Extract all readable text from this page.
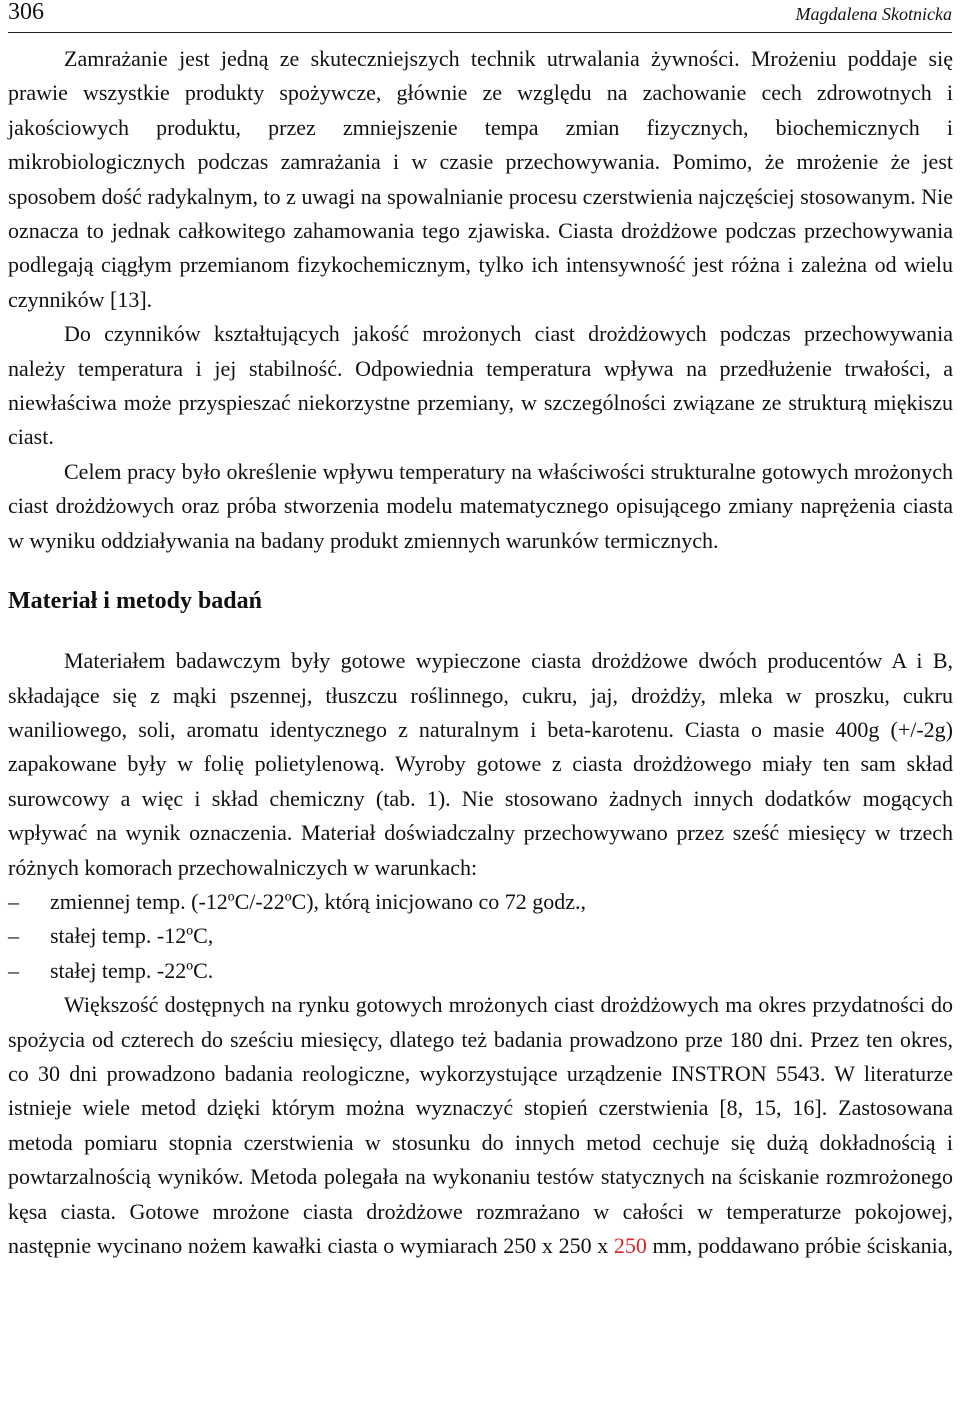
306	Magdalena Skotnicka

Zamrażanie jest jedną ze skuteczniejszych technik utrwalania żywności. Mrożeniu poddaje się prawie wszystkie produkty spożywcze, głównie ze względu na zachowanie cech zdrowotnych i jakościowych produktu, przez zmniejszenie tempa zmian fizycznych, biochemicznych i mikrobiologicznych podczas zamrażania i w czasie przechowywania. Pomimo, że mrożenie że jest sposobem dość radykalnym, to z uwagi na spowalnianie procesu czerstwienia najczęściej stosowanym. Nie oznacza to jednak całkowitego zahamowania tego zjawiska. Ciasta drożdżowe podczas przechowywania podlegają ciągłym przemianom fizykochemicznym, tylko ich intensywność jest różna i zależna od wielu czynników [13].

Do czynników kształtujących jakość mrożonych ciast drożdżowych podczas przechowywania należy temperatura i jej stabilność. Odpowiednia temperatura wpływa na przedłużenie trwałości, a niewłaściwa może przyspieszać niekorzystne przemiany, w szczególności związane ze strukturą miękiszu ciast.

Celem pracy było określenie wpływu temperatury na właściwości strukturalne gotowych mrożonych ciast drożdżowych oraz próba stworzenia modelu matematycznego opisującego zmiany naprężenia ciasta w wyniku oddziaływania na badany produkt zmiennych warunków termicznych.

Materiał i metody badań

Materiałem badawczym były gotowe wypieczone ciasta drożdżowe dwóch producentów A i B, składające się z mąki pszennej, tłuszczu roślinnego, cukru, jaj, drożdży, mleka w proszku, cukru waniliowego, soli, aromatu identycznego z naturalnym i beta-karotenu. Ciasta o masie 400g (+/-2g) zapakowane były w folię polietylenową. Wyroby gotowe z ciasta drożdżowego miały ten sam skład surowcowy a więc i skład chemiczny (tab. 1). Nie stosowano żadnych innych dodatków mogących wpływać na wynik oznaczenia. Materiał doświadczalny przechowywano przez sześć miesięcy w trzech różnych komorach przechowalniczych w warunkach:

– zmiennej temp. (-12ºC/-22ºC), którą inicjowano co 72 godz.,
– stałej temp. -12ºC,
– stałej temp. -22ºC.

Większość dostępnych na rynku gotowych mrożonych ciast drożdżowych ma okres przydatności do spożycia od czterech do sześciu miesięcy, dlatego też badania prowadzono prze 180 dni. Przez ten okres, co 30 dni prowadzono badania reologiczne, wykorzystujące urządzenie INSTRON 5543. W literaturze istnieje wiele metod dzięki którym można wyznaczyć stopień czerstwienia [8, 15, 16]. Zastosowana metoda pomiaru stopnia czerstwienia w stosunku do innych metod cechuje się dużą dokładnością i powtarzalnością wyników. Metoda polegała na wykonaniu testów statycznych na ściskanie rozmrożonego kęsa ciasta. Gotowe mrożone ciasta drożdżowe rozmrażano w całości w temperaturze pokojowej, następnie wycinano nożem kawałki ciasta o wymiarach 250 x 250 x 250 mm, poddawano próbie ściskania,
